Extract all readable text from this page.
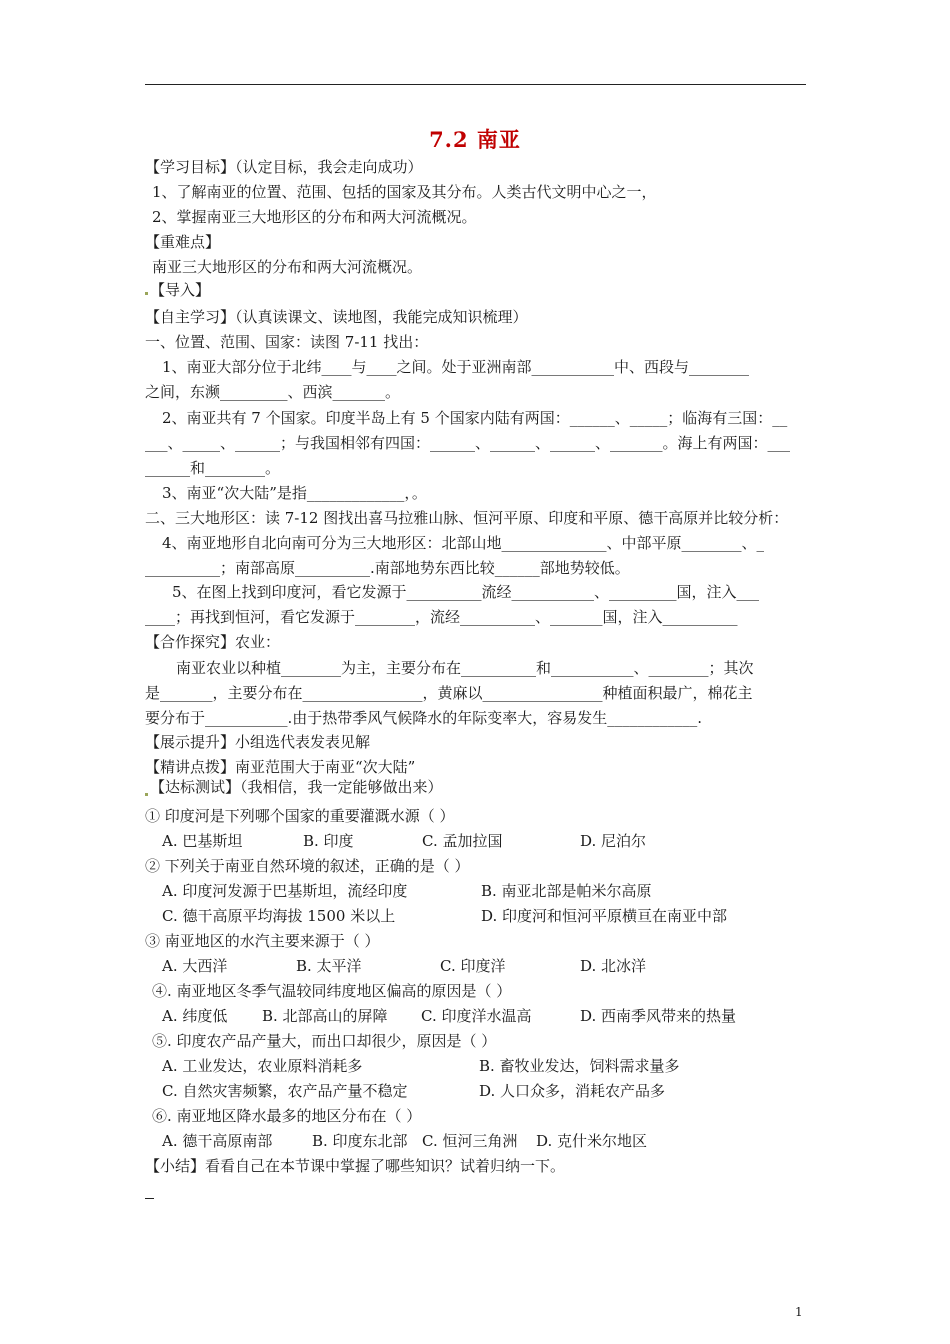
7.2 南亚
【学习目标】（认定目标，我会走向成功）
1、了解南亚的位置、范围、包括的国家及其分布。人类古代文明中心之一，
2、掌握南亚三大地形区的分布和两大河流概况。
【重难点】
南亚三大地形区的分布和两大河流概况。
【导入】
【自主学习】（认真读课文、读地图，我能完成知识梳理）
一、位置、范围、国家：读图 7-11 找出：
1、南亚大部分位于北纬____与____之间。处于亚洲南部___________中、西段与________
之间，东濒_________、西滨_______。
2、南亚共有 7 个国家。印度半岛上有 5 个国家内陆有两国：______、_____；临海有三国：__
___、_____、______；与我国相邻有四国：______、______、______、_______。海上有两国：___
______和________。
3、南亚“次大陆”是指_____________，。
二、三大地形区：读 7-12 图找出喜马拉雅山脉、恒河平原、印度和平原、德干高原并比较分析：
4、南亚地形自北向南可分为三大地形区：北部山地______________、中部平原________、_
__________；南部高原__________.南部地势东西比较______部地势较低。
5、在图上找到印度河，看它发源于__________流经___________、_________国，注入___
____；再找到恒河，看它发源于________，流经__________、_______国，注入__________
【合作探究】农业：
南亚农业以种植________为主，主要分布在__________和___________、________；其次
是_______，主要分布在________________，黄麻以________________种植面积最广，棉花主
要分布于___________.由于热带季风气候降水的年际变率大，容易发生____________.
【展示提升】小组选代表发表见解
【精讲点拨】南亚范围大于南亚“次大陆”
【达标测试】（我相信，我一定能够做出来）
① 印度河是下列哪个国家的重要灌溉水源（ ）
A. 巴基斯坦	B. 印度	C. 孟加拉国	D. 尼泊尔
② 下列关于南亚自然环境的叙述，正确的是（ ）
A. 印度河发源于巴基斯坦，流经印度	B. 南亚北部是帕米尔高原
C. 德干高原平均海拔 1500 米以上	D. 印度河和恒河平原横亘在南亚中部
③ 南亚地区的水汽主要来源于（ ）
A. 大西洋	B. 太平洋	C. 印度洋	D. 北冰洋
④. 南亚地区冬季气温较同纬度地区偏高的原因是（ ）
A. 纬度低 B. 北部高山的屏障 C. 印度洋水温高	D. 西南季风带来的热量
⑤. 印度农产品产量大，而出口却很少，原因是（ ）
A. 工业发达，农业原料消耗多	B. 畜牧业发达，饲料需求量多
C. 自然灾害频繁，农产品产量不稳定	D. 人口众多，消耗农产品多
⑥. 南亚地区降水最多的地区分布在（ ）
A. 德干高原南部	B. 印度东北部 C. 恒河三角洲 D. 克什米尔地区
【小结】看看自己在本节课中掌握了哪些知识？试着归纳一下。
1
